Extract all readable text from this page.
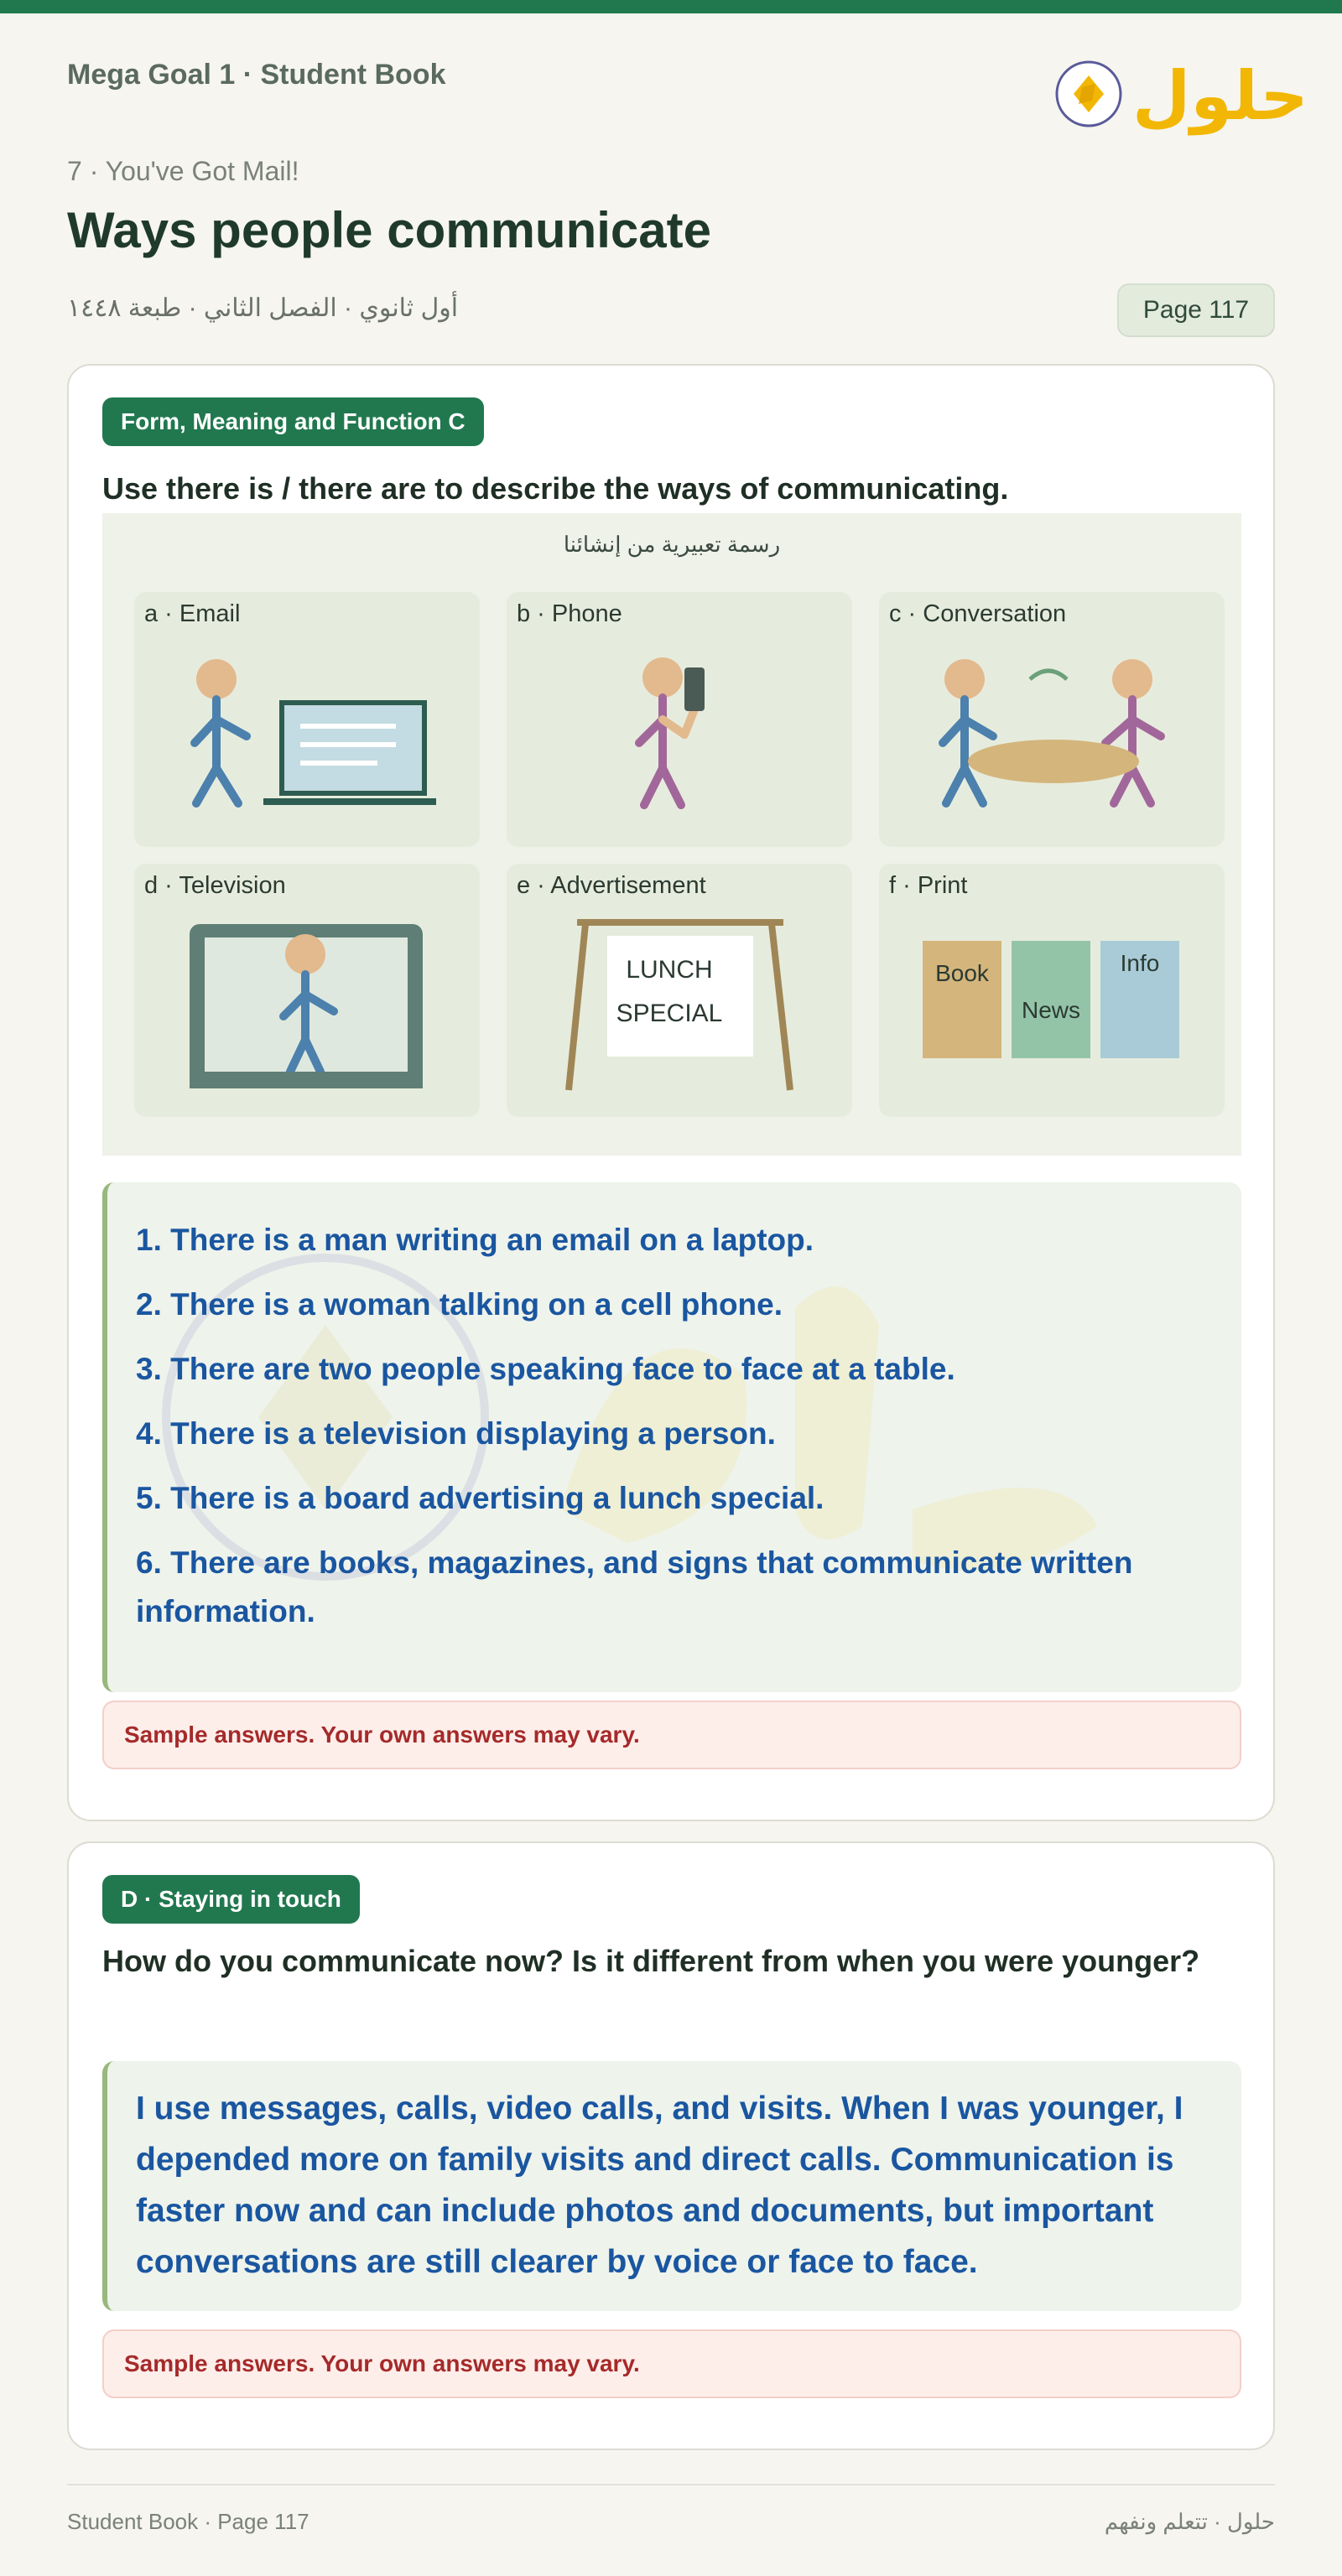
Mega Goal 1 · Student Book	حلول
7 · You've Got Mail!
Ways people communicate
أول ثانوي · الفصل الثاني · طبعة ١٤٤٨	Page 117
Form, Meaning and Function C
Use there is / there are to describe the ways of communicating.
رسمة تعبيرية من إنشائنا
a · Email	b · Phone	c · Conversation
d · Television
LUNCH
SPECIAL
e · Advertisement
Book
News
Info
f · Print
1. There is a man writing an email on a laptop.
2. There is a woman talking on a cell phone.
3. There are two people speaking face to face at a table.
4. There is a television displaying a person.
5. There is a board advertising a lunch special.
6. There are books, magazines, and signs that communicate written information.
Sample answers. Your own answers may vary.
D · Staying in touch
How do you communicate now? Is it different from when you were younger?
I use messages, calls, video calls, and visits. When I was younger, I depended more on family visits and direct calls. Communication is faster now and can include photos and documents, but important conversations are still clearer by voice or face to face.
Sample answers. Your own answers may vary.
Student Book · Page 117	حلول · تتعلم ونفهم
